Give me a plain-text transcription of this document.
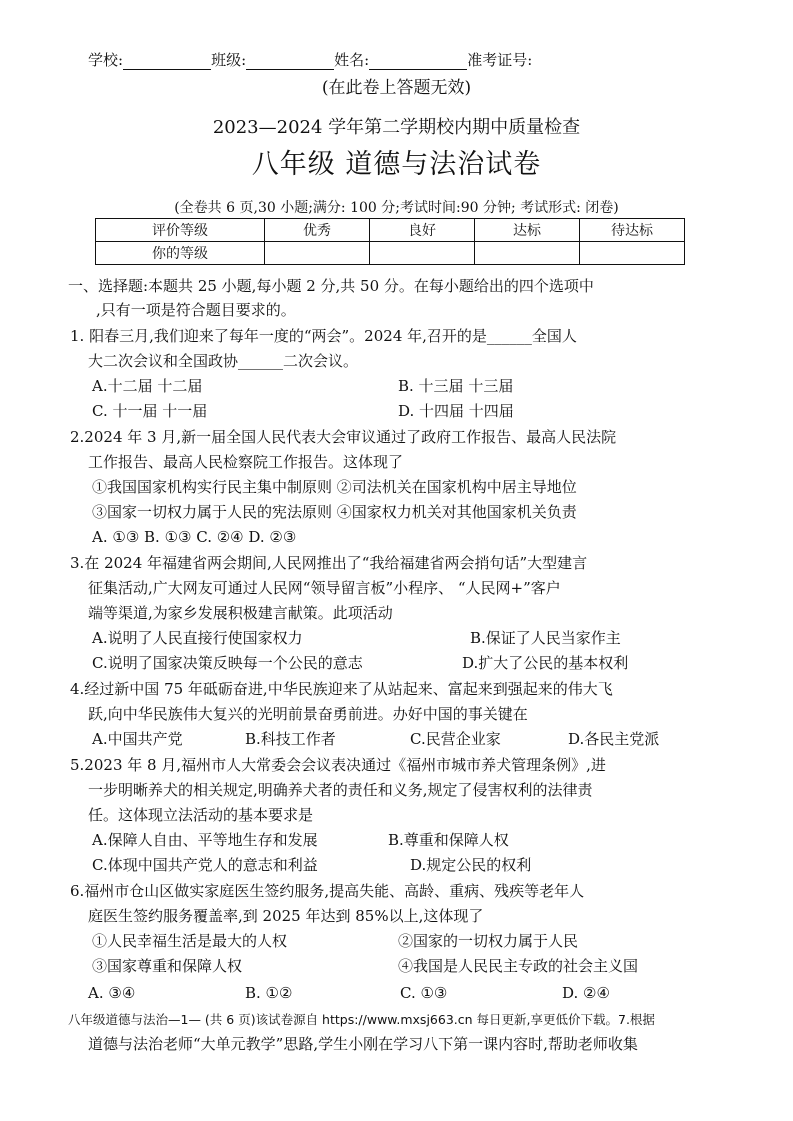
学校:	班级:	姓名:	准考证号:
(在此卷上答题无效)
2023—2024 学年第二学期校内期中质量检查
八年级 道德与法治试卷
(全卷共 6 页,30 小题;满分: 100 分;考试时间:90 分钟; 考试形式: 闭卷)
评价等级	优秀	良好	达标	待达标
你的等级				
一、选择题:本题共 25 小题,每小题 2 分,共 50 分。在每小题给出的四个选项中
,只有一项是符合题目要求的。
1. 阳春三月,我们迎来了每年一度的“两会”。2024 年,召开的是______全国人
大二次会议和全国政协______二次会议。
A.十二届 十二届	B. 十三届 十三届
C. 十一届 十一届	D. 十四届 十四届
2.2024 年 3 月,新一届全国人民代表大会审议通过了政府工作报告、最高人民法院
工作报告、最高人民检察院工作报告。这体现了
①我国国家机构实行民主集中制原则 ②司法机关在国家机构中居主导地位
③国家一切权力属于人民的宪法原则 ④国家权力机关对其他国家机关负责
A. ①③ B. ①③ C. ②④ D. ②③
3.在 2024 年福建省两会期间,人民网推出了“我给福建省两会捎句话”大型建言
征集活动,广大网友可通过人民网“领导留言板”小程序、 “人民网+”客户
端等渠道,为家乡发展积极建言献策。此项活动
A.说明了人民直接行使国家权力	B.保证了人民当家作主
C.说明了国家决策反映每一个公民的意志	D.扩大了公民的基本权利
4.经过新中国 75 年砥砺奋进,中华民族迎来了从站起来、富起来到强起来的伟大飞
跃,向中华民族伟大复兴的光明前景奋勇前进。办好中国的事关键在
A.中国共产党	B.科技工作者	C.民营企业家	D.各民主党派
5.2023 年 8 月,福州市人大常委会会议表决通过《福州市城市养犬管理条例》,进
一步明晰养犬的相关规定,明确养犬者的责任和义务,规定了侵害权利的法律责
任。这体现立法活动的基本要求是
A.保障人自由、平等地生存和发展	B.尊重和保障人权
C.体现中国共产党人的意志和利益	D.规定公民的权利
6.福州市仓山区做实家庭医生签约服务,提高失能、高龄、重病、残疾等老年人
庭医生签约服务覆盖率,到 2025 年达到 85%以上,这体现了
①人民幸福生活是最大的人权	②国家的一切权力属于人民
③国家尊重和保障人权	④我国是人民民主专政的社会主义国
A. ③④	B. ①②	C. ①③	D. ②④
八年级道德与法治—1— (共 6 页)该试卷源自 https://www.mxsj663.cn 每日更新,享更低价下载。7.根据
道德与法治老师“大单元教学”思路,学生小刚在学习八下第一课内容时,帮助老师收集
